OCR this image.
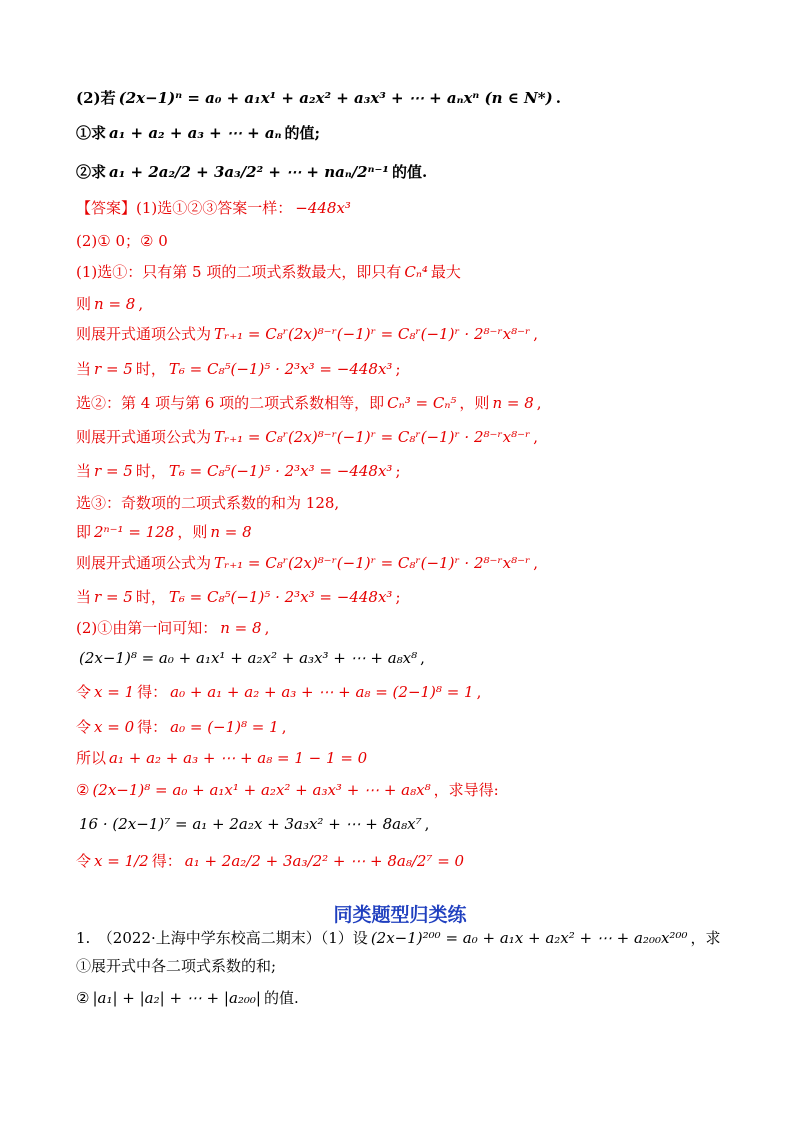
同类题型归类练
(2)若 (2x−1)ⁿ = a₀ + a₁x¹ + a₂x² + a₃x³ + ⋯ + aₙxⁿ (n ∈ N*) .
①求 a₁ + a₂ + a₃ + ⋯ + aₙ 的值;
②求 a₁ + 2a₂/2 + 3a₃/2² + ⋯ + naₙ/2ⁿ⁻¹ 的值.
【答案】(1)选①②③答案一样： −448x³
(2)① 0；② 0
(1)选①：只有第 5 项的二项式系数最大，即只有 Cₙ⁴ 最大
则 n = 8 ,
则展开式通项公式为 Tᵣ₊₁ = C₈ʳ(2x)⁸⁻ʳ(−1)ʳ = C₈ʳ(−1)ʳ · 2⁸⁻ʳx⁸⁻ʳ ,
当 r = 5 时， T₆ = C₈⁵(−1)⁵ · 2³x³ = −448x³ ;
选②：第 4 项与第 6 项的二项式系数相等，即 Cₙ³ = Cₙ⁵ ，则 n = 8 ,
则展开式通项公式为 Tᵣ₊₁ = C₈ʳ(2x)⁸⁻ʳ(−1)ʳ = C₈ʳ(−1)ʳ · 2⁸⁻ʳx⁸⁻ʳ ,
当 r = 5 时， T₆ = C₈⁵(−1)⁵ · 2³x³ = −448x³ ;
选③：奇数项的二项式系数的和为 128,
即 2ⁿ⁻¹ = 128 ，则 n = 8
则展开式通项公式为 Tᵣ₊₁ = C₈ʳ(2x)⁸⁻ʳ(−1)ʳ = C₈ʳ(−1)ʳ · 2⁸⁻ʳx⁸⁻ʳ ,
当 r = 5 时， T₆ = C₈⁵(−1)⁵ · 2³x³ = −448x³ ;
(2)①由第一问可知： n = 8 ,
(2x−1)⁸ = a₀ + a₁x¹ + a₂x² + a₃x³ + ⋯ + a₈x⁸ ,
令 x = 1 得： a₀ + a₁ + a₂ + a₃ + ⋯ + a₈ = (2−1)⁸ = 1 ,
令 x = 0 得： a₀ = (−1)⁸ = 1 ,
所以 a₁ + a₂ + a₃ + ⋯ + a₈ = 1 − 1 = 0
② (2x−1)⁸ = a₀ + a₁x¹ + a₂x² + a₃x³ + ⋯ + a₈x⁸ ，求导得:
16 · (2x−1)⁷ = a₁ + 2a₂x + 3a₃x² + ⋯ + 8a₈x⁷ ,
令 x = 1/2 得： a₁ + 2a₂/2 + 3a₃/2² + ⋯ + 8a₈/2⁷ = 0
1.　（2022·上海中学东校高二期末）（1）设 (2x−1)²⁰⁰ = a₀ + a₁x + a₂x² + ⋯ + a₂₀₀x²⁰⁰ ，求
①展开式中各二项式系数的和;
② |a₁| + |a₂| + ⋯ + |a₂₀₀| 的值.
